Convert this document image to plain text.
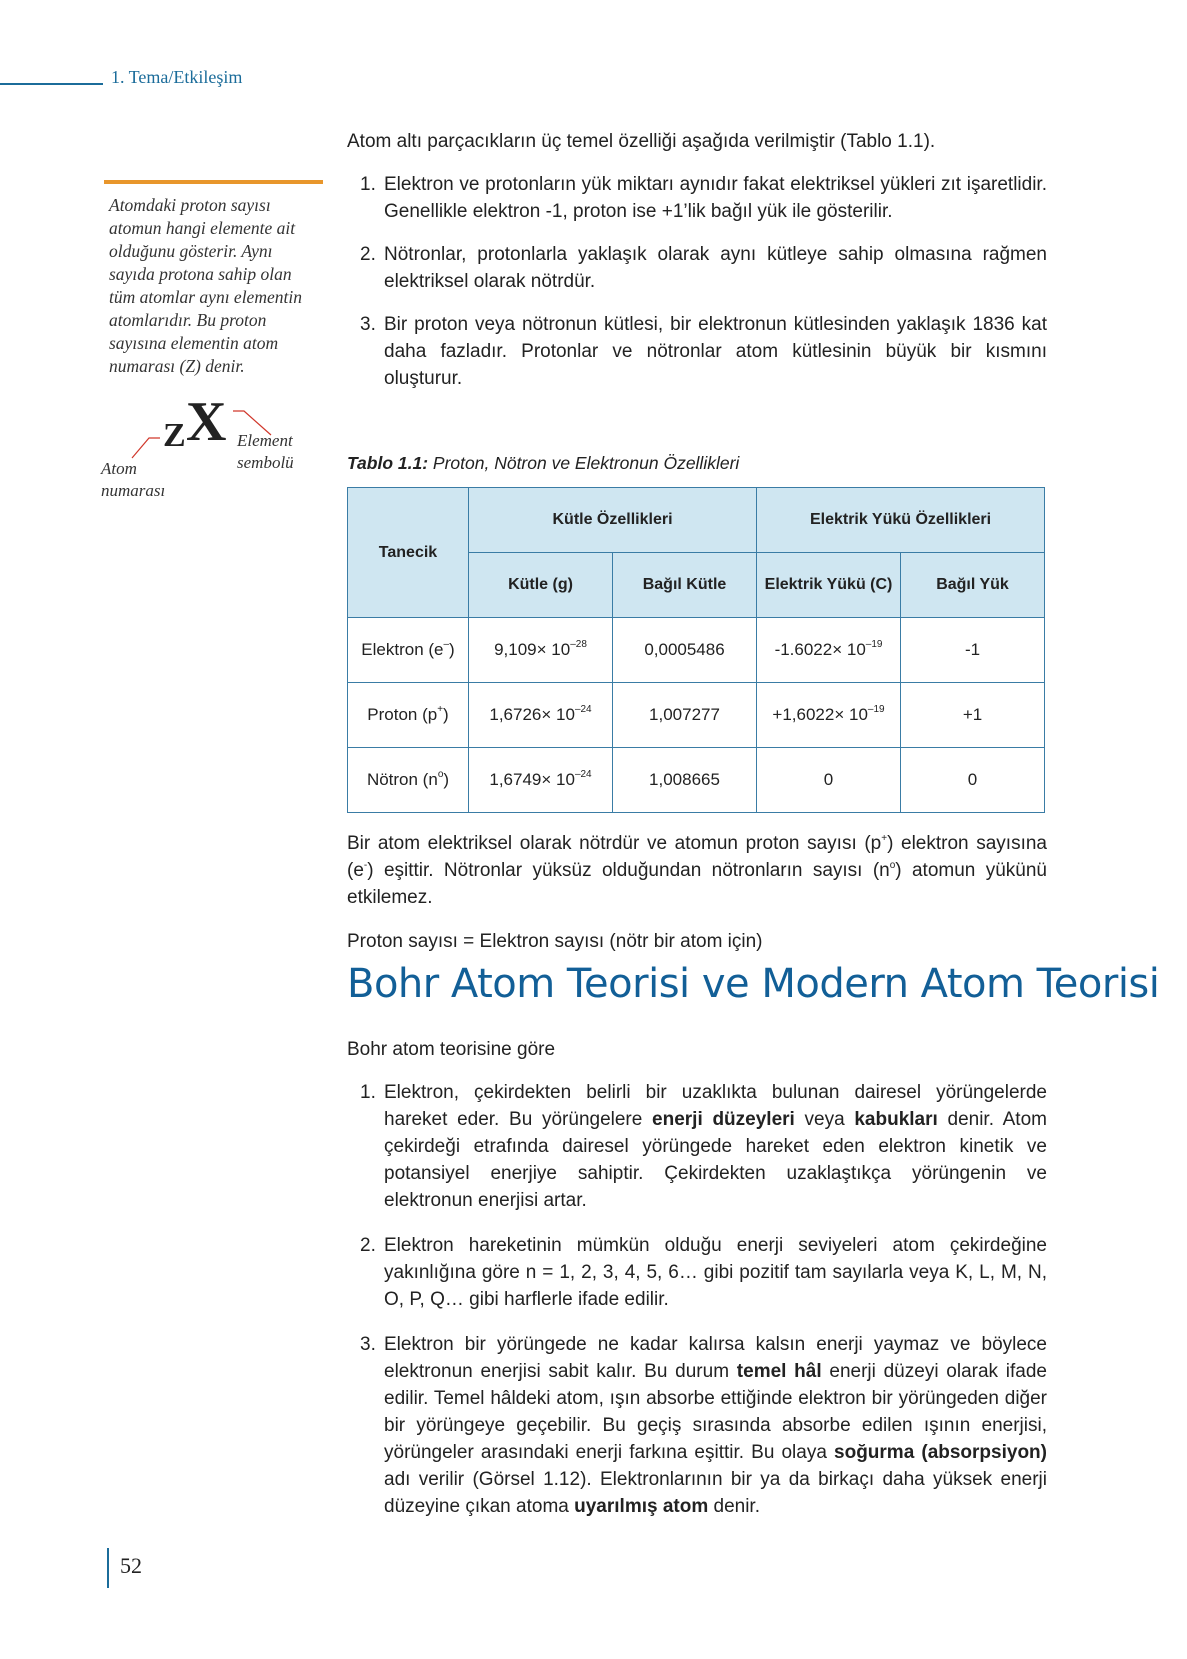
1. Tema/Etkileşim
Atomdaki proton sayısı
atomun hangi elemente ait
olduğunu gösterir. Aynı
sayıda protona sahip olan
tüm atomlar aynı elementin
atomlarıdır. Bu proton
sayısına elementin atom
numarası (Z) denir.
Z X Element
sembolü
Atom
numarası
Atom altı parçacıkların üç temel özelliği aşağıda verilmiştir (Tablo 1.1).
1. Elektron ve protonların yük miktarı aynıdır fakat elektriksel yükleri zıt işaretlidir. Genellikle elektron -1, proton ise +1’lik bağıl yük ile gösterilir.
2. Nötronlar, protonlarla yaklaşık olarak aynı kütleye sahip olmasına rağmen elektriksel olarak nötrdür.
3. Bir proton veya nötronun kütlesi, bir elektronun kütlesinden yaklaşık 1836 kat daha fazladır. Protonlar ve nötronlar atom kütlesinin büyük bir kısmını oluşturur.
Tablo 1.1: Proton, Nötron ve Elektronun Özellikleri
Tanecik	Kütle Özellikleri		Elektrik Yükü Özellikleri	
	Kütle (g)	Bağıl Kütle	Elektrik Yükü (C)	Bağıl Yük
Elektron (e–)	$9,109\times 10^{-28}$	0,0005486	$-1.6022\times 10^{-19}$	-1
Proton (p+)	$1,6726\times 10^{-24}$	1,007277	$+1,6022\times 10^{-19}$	+1
Nötron $(n^o)$	$1,6749\times 10^{-24}$	1,008665	0	0
Bir atom elektriksel olarak nötrdür ve atomun proton sayısı (p+) elektron sayısına (e-) eşittir. Nötronlar yüksüz olduğundan nötronların sayısı $(n^o)$ atomun yükünü etkilemez.
Proton sayısı = Elektron sayısı (nötr bir atom için)
Bohr Atom Teorisi ve Modern Atom Teorisi
Bohr atom teorisine göre
1. Elektron, çekirdekten belirli bir uzaklıkta bulunan dairesel yörüngelerde hareket eder. Bu yörüngelere enerji düzeyleri veya kabukları denir. Atom çekirdeği etrafında dairesel yörüngede hareket eden elektron kinetik ve potansiyel enerjiye sahiptir. Çekirdekten uzaklaştıkça yörüngenin ve elektronun enerjisi artar.
2. Elektron hareketinin mümkün olduğu enerji seviyeleri atom çekirdeğine yakınlığına göre n = 1, 2, 3, 4, 5, 6… gibi pozitif tam sayılarla veya K, L, M, N, O, P, Q… gibi harflerle ifade edilir.
3. Elektron bir yörüngede ne kadar kalırsa kalsın enerji yaymaz ve böylece elektronun enerjisi sabit kalır. Bu durum temel hâl enerji düzeyi olarak ifade edilir. Temel hâldeki atom, ışın absorbe ettiğinde elektron bir yörüngeden diğer bir yörüngeye geçebilir. Bu geçiş sırasında absorbe edilen ışının enerjisi, yörüngeler arasındaki enerji farkına eşittir. Bu olaya soğurma (absorpsiyon) adı verilir (Görsel 1.12). Elektronlarının bir ya da birkaçı daha yüksek enerji düzeyine çıkan atoma uyarılmış atom denir.
52
